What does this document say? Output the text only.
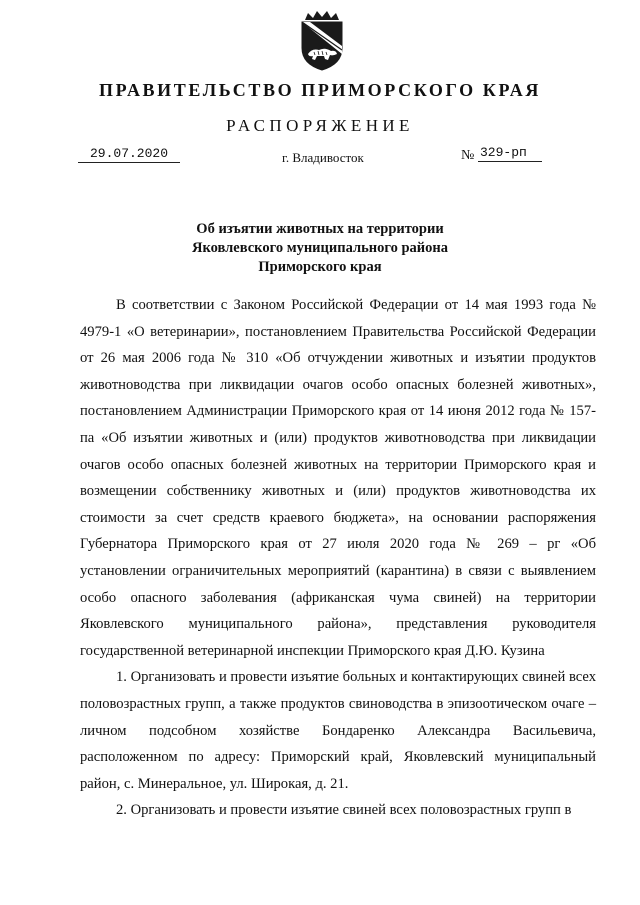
ПРАВИТЕЛЬСТВО ПРИМОРСКОГО КРАЯ
РАСПОРЯЖЕНИЕ
29.07.2020	г. Владивосток	№ 329-рп
Об изъятии животных на территории
Яковлевского муниципального района
Приморского края

В соответствии с Законом Российской Федерации от 14 мая 1993 года № 4979-1 «О ветеринарии», постановлением Правительства Российской Федерации от 26 мая 2006 года № 310 «Об отчуждении животных и изъятии продуктов животноводства при ликвидации очагов особо опасных болезней животных», постановлением Администрации Приморского края от 14 июня 2012 года № 157-па «Об изъятии животных и (или) продуктов животноводства при ликвидации очагов особо опасных болезней животных на территории Приморского края и возмещении собственнику животных и (или) продуктов животноводства их стоимости за счет средств краевого бюджета», на основании распоряжения Губернатора Приморского края от 27 июля 2020 года № 269 – рг «Об установлении ограничительных мероприятий (карантина) в связи с выявлением особо опасного заболевания (африканская чума свиней) на территории Яковлевского муниципального района», представления руководителя государственной ветеринарной инспекции Приморского края Д.Ю. Кузина

1. Организовать и провести изъятие больных и контактирующих свиней всех половозрастных групп, а также продуктов свиноводства в эпизоотическом очаге – личном подсобном хозяйстве Бондаренко Александра Васильевича, расположенном по адресу: Приморский край, Яковлевский муниципальный район, с. Минеральное, ул. Широкая, д. 21.

2. Организовать и провести изъятие свиней всех половозрастных групп в
